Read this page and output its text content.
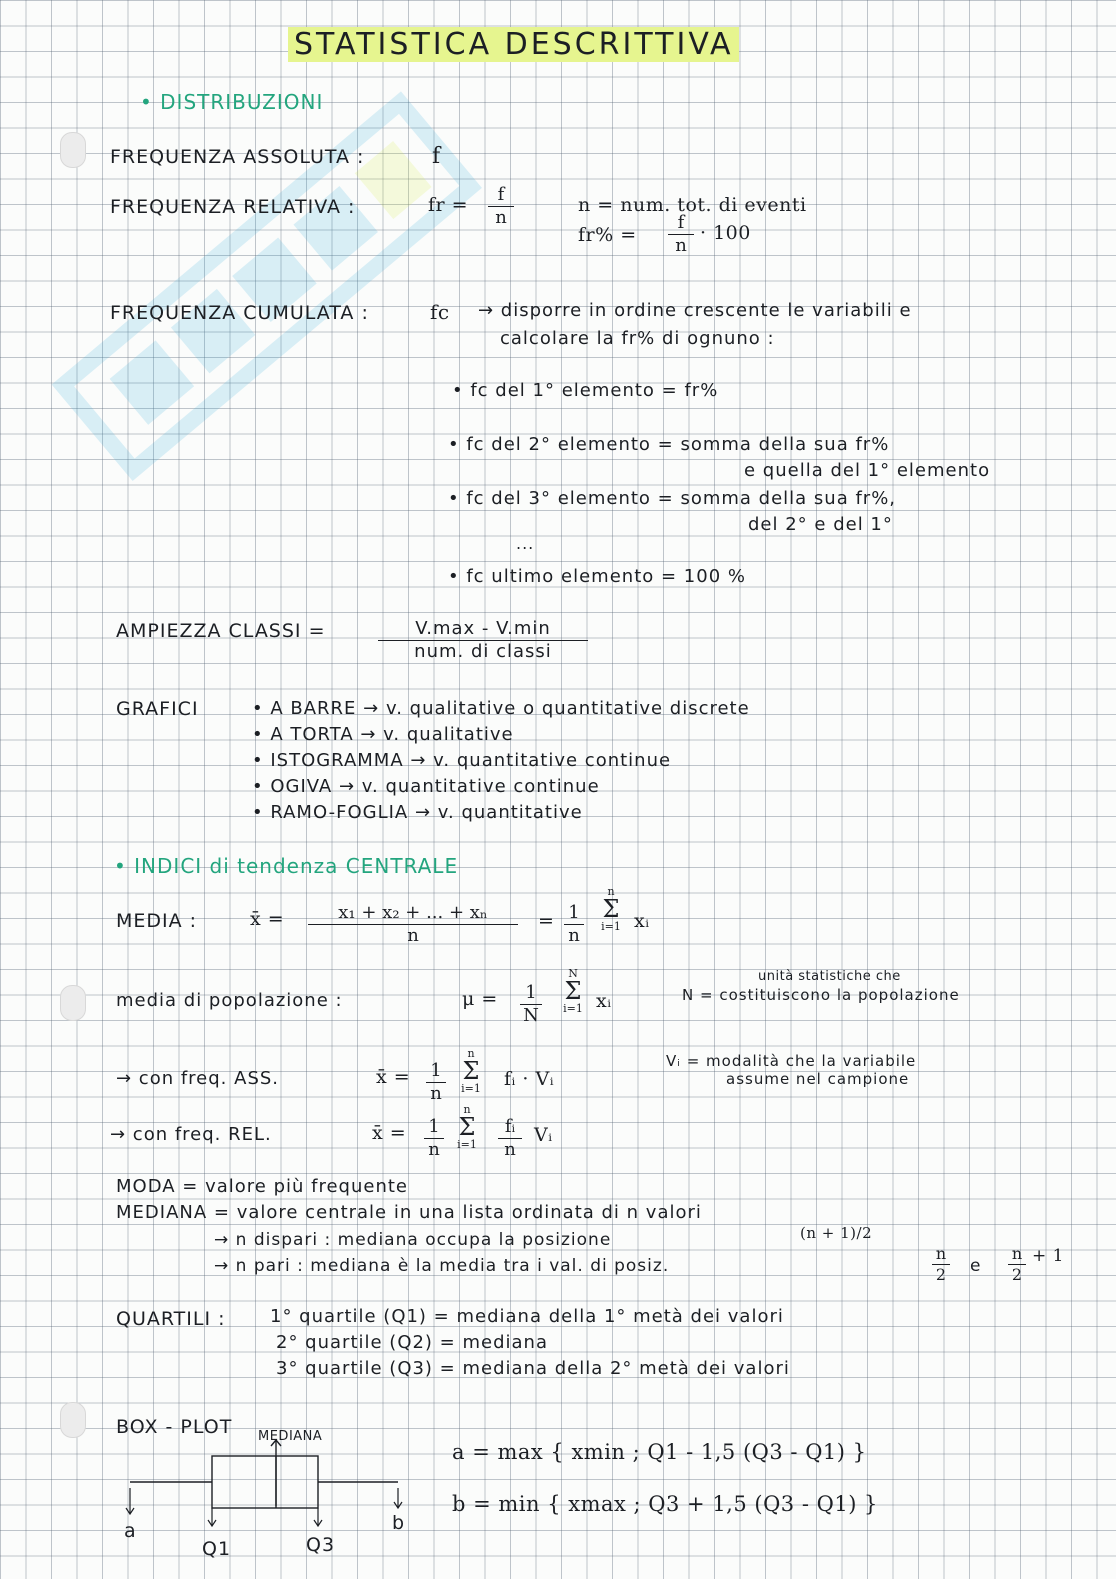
STATISTICA DESCRITTIVA
• DISTRIBUZIONI
FREQUENZA ASSOLUTA :	f
FREQUENZA RELATIVA :	fr =	f
n
n = num. tot. di eventi
fr% =
f
n
· 100
FREQUENZA CUMULATA :	fc → disporre in ordine crescente le variabili e
calcolare la fr% di ognuno :
• fc del 1° elemento = fr%
• fc del 2° elemento = somma della sua fr%
e quella del 1° elemento
• fc del 3° elemento = somma della sua fr%,
del 2° e del 1°
...
• fc ultimo elemento = 100 %
AMPIEZZA CLASSI =	V.max - V.min
num. di classi
GRAFICI	• A BARRE → v. qualitative o quantitative discrete
• A TORTA → v. qualitative
• ISTOGRAMMA → v. quantitative continue
• OGIVA → v. quantitative continue
• RAMO-FOGLIA → v. quantitative
• INDICI di tendenza CENTRALE
MEDIA :	x̄ =	x₁ + x₂ + ... + xₙ
n
= 1
n
n
Σ
i=1 xᵢ
media di popolazione :	μ = 1
N
N
Σ
i=1 xᵢ
unità statistiche che
N = costituiscono la popolazione
→ con freq. ASS.	x̄ = 1
n
n
Σ
i=1 fᵢ · Vᵢ
Vᵢ = modalità che la variabile
assume nel campione
→ con freq. REL.	x̄ = 1
n
n
Σ
i=1
fᵢ
n
Vᵢ
MODA = valore più frequente
MEDIANA = valore centrale in una lista ordinata di n valori
→ n dispari : mediana occupa la posizione	(n + 1)/2
→ n pari : mediana è la media tra i val. di posiz.
n
2 e
n
2
+ 1
QUARTILI : 1° quartile (Q1) = mediana della 1° metà dei valori
2° quartile (Q2) = mediana
3° quartile (Q3) = mediana della 2° metà dei valori
BOX - PLOT MEDIANA
a
Q1	Q3
b
a = max { xmin ; Q1 - 1,5 (Q3 - Q1) }
b = min { xmax ; Q3 + 1,5 (Q3 - Q1) }
